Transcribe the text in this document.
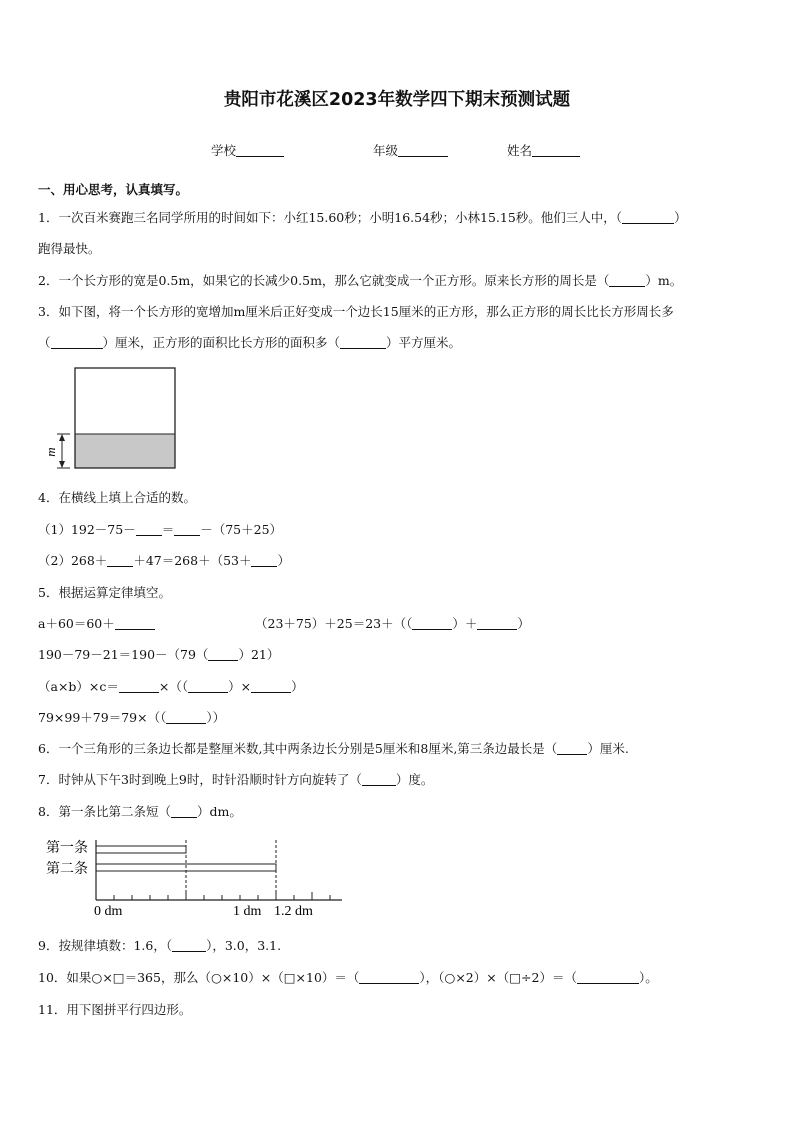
贵阳市花溪区2023年数学四下期末预测试题
学校	年级	姓名
一、用心思考，认真填写。
1．一次百米赛跑三名同学所用的时间如下：小红15.60秒；小明16.54秒；小林15.15秒。他们三人中，（	）
跑得最快。
2．一个长方形的宽是0.5m，如果它的长减少0.5m，那么它就变成一个正方形。原来长方形的周长是（	）m。
3．如下图，将一个长方形的宽增加m厘米后正好变成一个边长15厘米的正方形，那么正方形的周长比长方形周长多
（	）厘米，正方形的面积比长方形的面积多（	）平方厘米。
m
4．在横线上填上合适的数。
（1）192－75－ ＝ －（75＋25）
（2）268＋ ＋47＝268＋（53＋ ）
5．根据运算定律填空。
a＋60＝60＋	（23＋75）＋25＝23＋（（	）＋	）
190－79－21＝190－（79（ ）21）
（a×b）×c＝	×（（	）×	）
79×99＋79＝79×（（	））
6．一个三角形的三条边长都是整厘米数,其中两条边长分别是5厘米和8厘米,第三条边最长是（ ）厘米.
7．时钟从下午3时到晚上9时，时针沿顺时针方向旋转了（	）度。
8．第一条比第二条短（ ）dm。
第一条
第二条
0 dm	1 dm 1.2 dm
9．按规律填数：1.6，（	），3.0，3.1.
10．如果○×□＝365，那么（○×10）×（□×10）＝（	），（○×2）×（□÷2）＝（	）。
11．用下图拼平行四边形。
